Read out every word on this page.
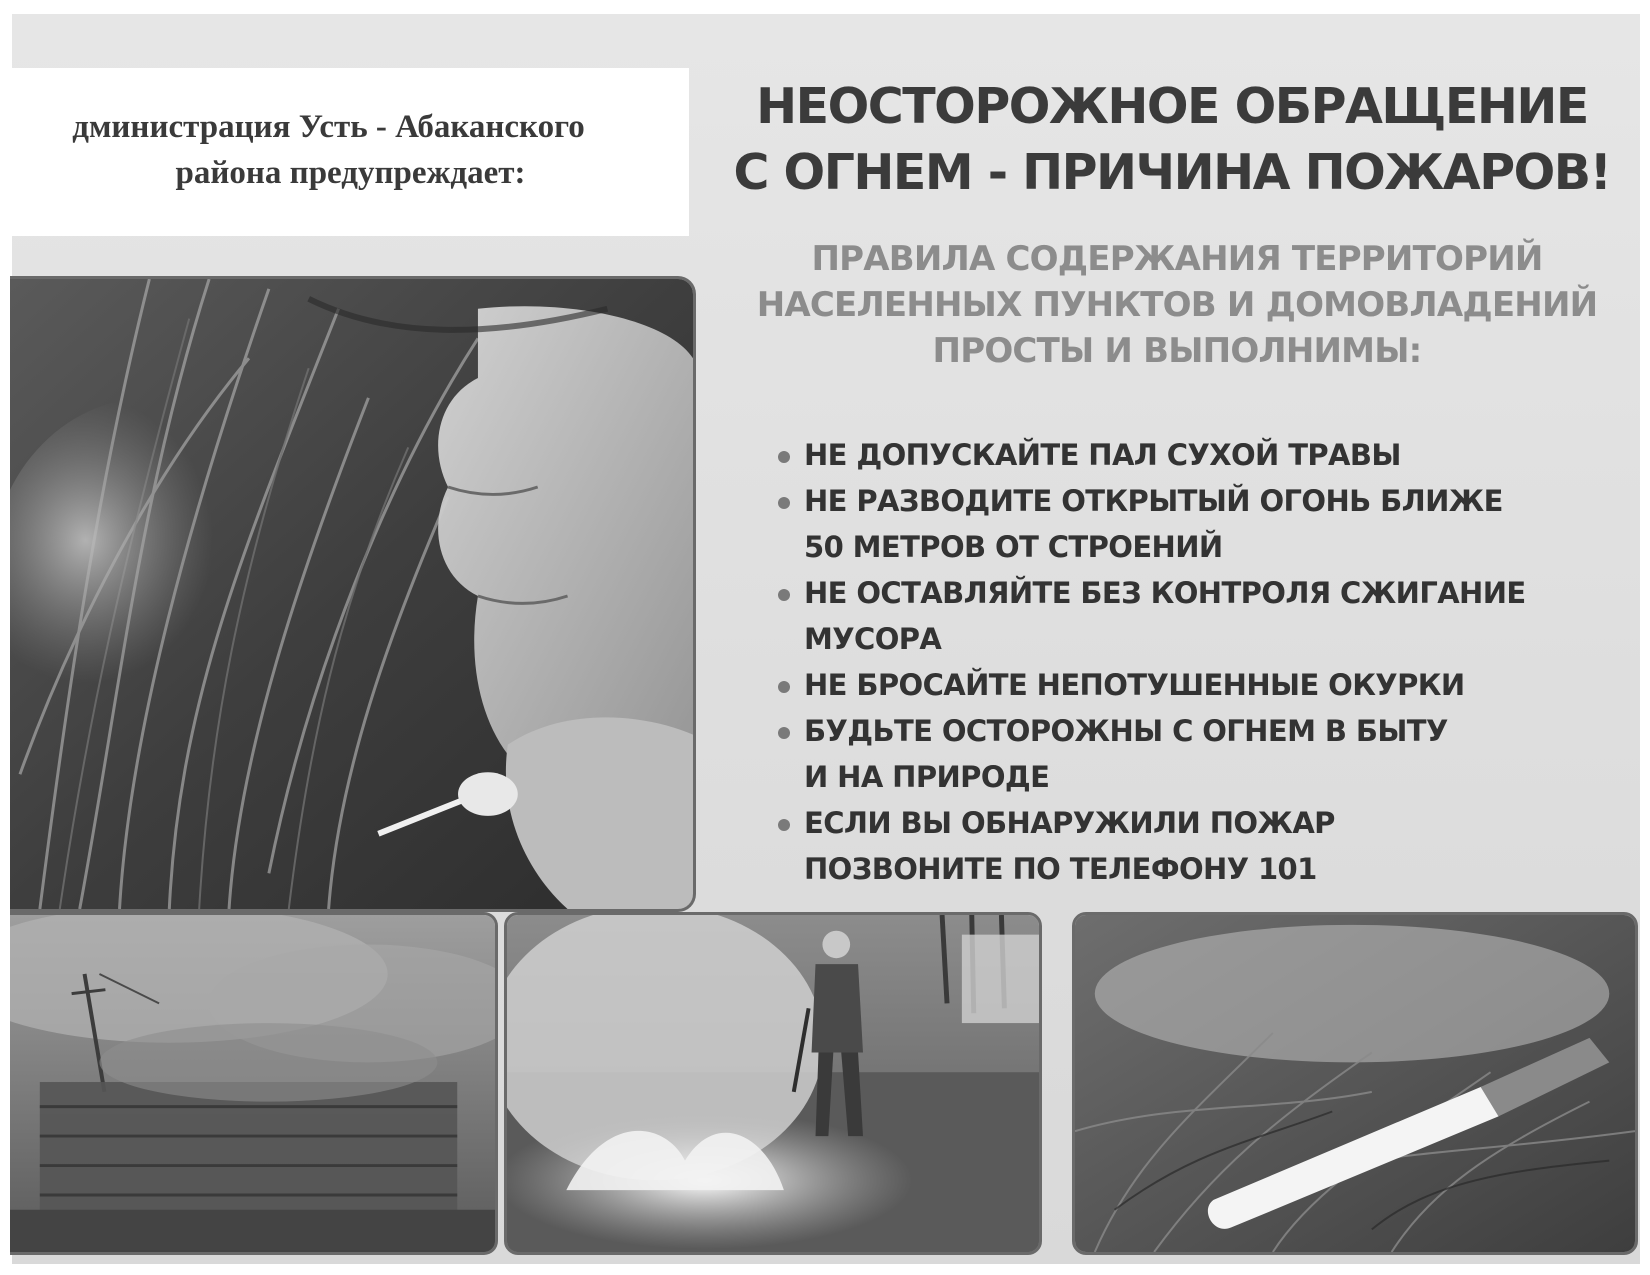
дминистрация Усть - Абаканского
района предупреждает:
НЕОСТОРОЖНОЕ ОБРАЩЕНИЕ
С ОГНЕМ - ПРИЧИНА ПОЖАРОВ!
ПРАВИЛА СОДЕРЖАНИЯ ТЕРРИТОРИЙ
НАСЕЛЕННЫХ ПУНКТОВ И ДОМОВЛАДЕНИЙ
ПРОСТЫ И ВЫПОЛНИМЫ:
НЕ ДОПУСКАЙТЕ ПАЛ СУХОЙ ТРАВЫ
НЕ РАЗВОДИТЕ ОТКРЫТЫЙ ОГОНЬ БЛИЖЕ
50 МЕТРОВ ОТ СТРОЕНИЙ
НЕ ОСТАВЛЯЙТЕ БЕЗ КОНТРОЛЯ СЖИГАНИЕ
МУСОРА
НЕ БРОСАЙТЕ НЕПОТУШЕННЫЕ ОКУРКИ
БУДЬТЕ ОСТОРОЖНЫ С ОГНЕМ В БЫТУ
И НА ПРИРОДЕ
ЕСЛИ ВЫ ОБНАРУЖИЛИ ПОЖАР
ПОЗВОНИТЕ ПО ТЕЛЕФОНУ 101
